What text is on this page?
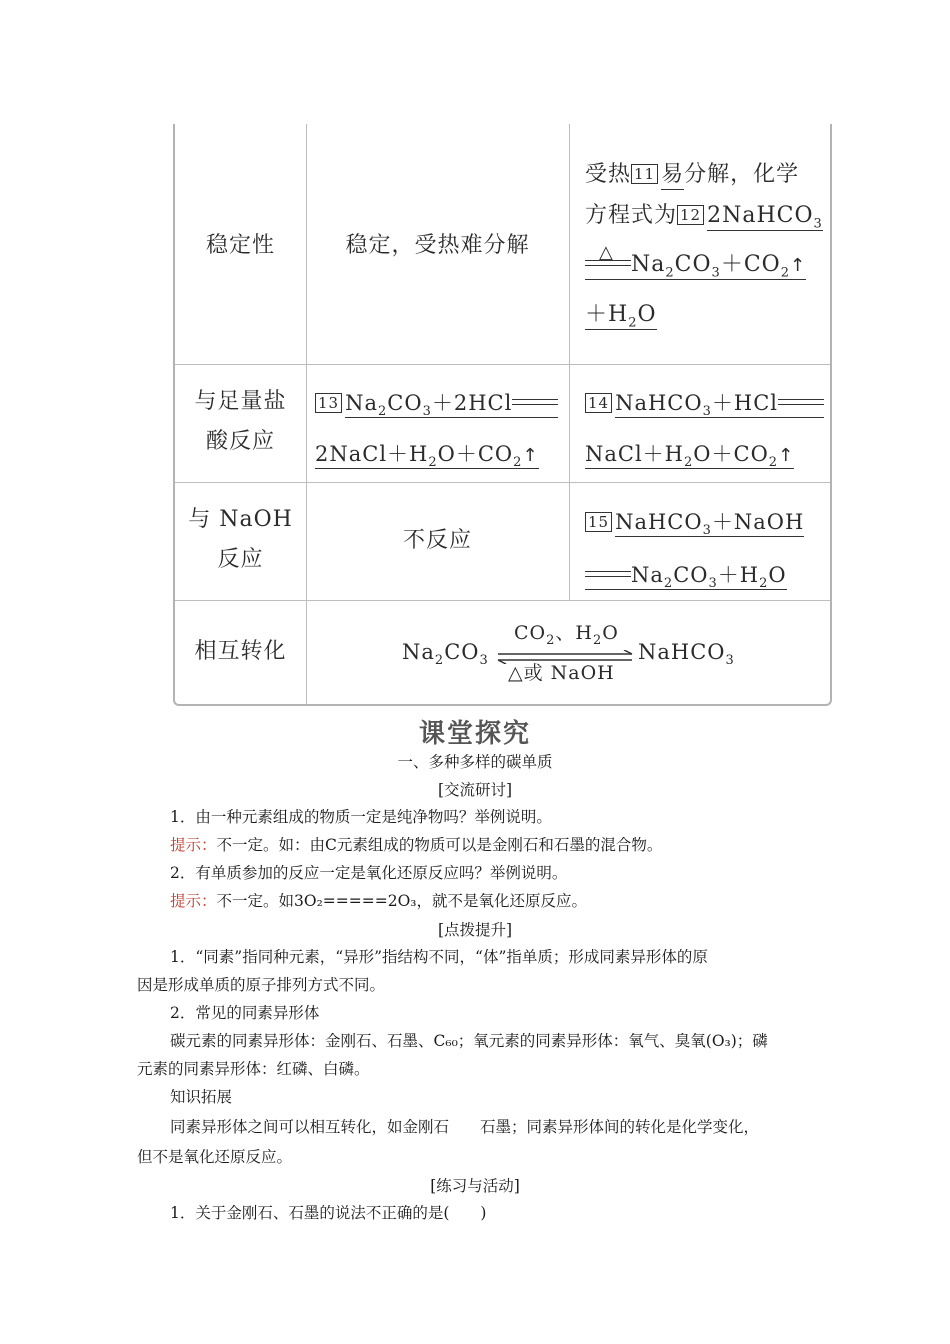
稳定性	稳定，受热难分解
受热 11 易分解，化学
方程式为 12 2NaHCO$_3$
△ $Na_2CO_3+CO_2↑$
$+H_2O$
与足量盐
酸反应
13 $Na_2CO_3+2HCl$
$2NaCl+H_2O+CO_2↑$
14 NaHCO$_3$＋HCl
$NaCl+H_2O+CO_2↑$
与 NaOH
反应
不反应
15 NaHCO$_3$＋NaOH
$Na_2CO_3+H_2O$
相互转化	$Na_2CO_3$
$CO_2$、$H_2O$
△或 NaOH
NaHCO$_3$
课堂探究
一、多种多样的碳单质
[交流研讨]
1．由一种元素组成的物质一定是纯净物吗？举例说明。
提示：不一定。如：由C元素组成的物质可以是金刚石和石墨的混合物。
2．有单质参加的反应一定是氧化还原反应吗？举例说明。
提示：不一定。如3O₂=====2O₃，就不是氧化还原反应。
[点拨提升]
1．“同素”指同种元素，“异形”指结构不同，“体”指单质；形成同素异形体的原
因是形成单质的原子排列方式不同。
2．常见的同素异形体
碳元素的同素异形体：金刚石、石墨、C₆₀；氧元素的同素异形体：氧气、臭氧(O₃)；磷
元素的同素异形体：红磷、白磷。
知识拓展
同素异形体之间可以相互转化，如金刚石　　石墨；同素异形体间的转化是化学变化，
但不是氧化还原反应。
[练习与活动]
1．关于金刚石、石墨的说法不正确的是(　　)
